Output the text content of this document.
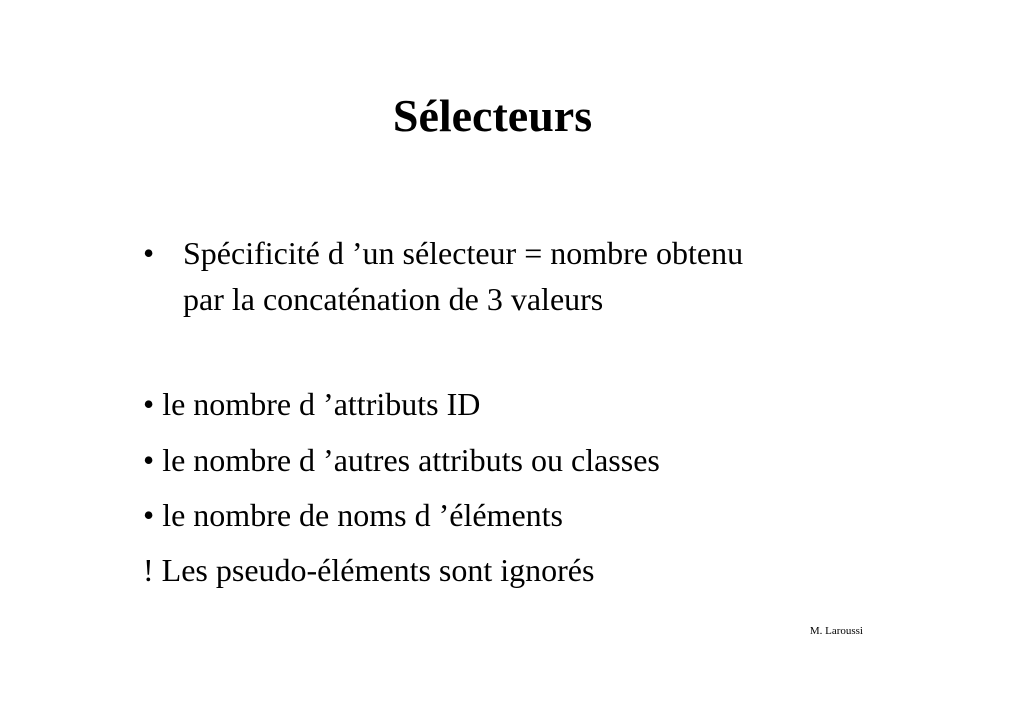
Sélecteurs
• Spécificité d ’un sélecteur = nombre obtenu par la concaténation de 3 valeurs
• le nombre d ’attributs ID
• le nombre d ’autres attributs ou classes
• le nombre de noms d ’éléments
! Les pseudo-éléments sont ignorés
M. Laroussi
